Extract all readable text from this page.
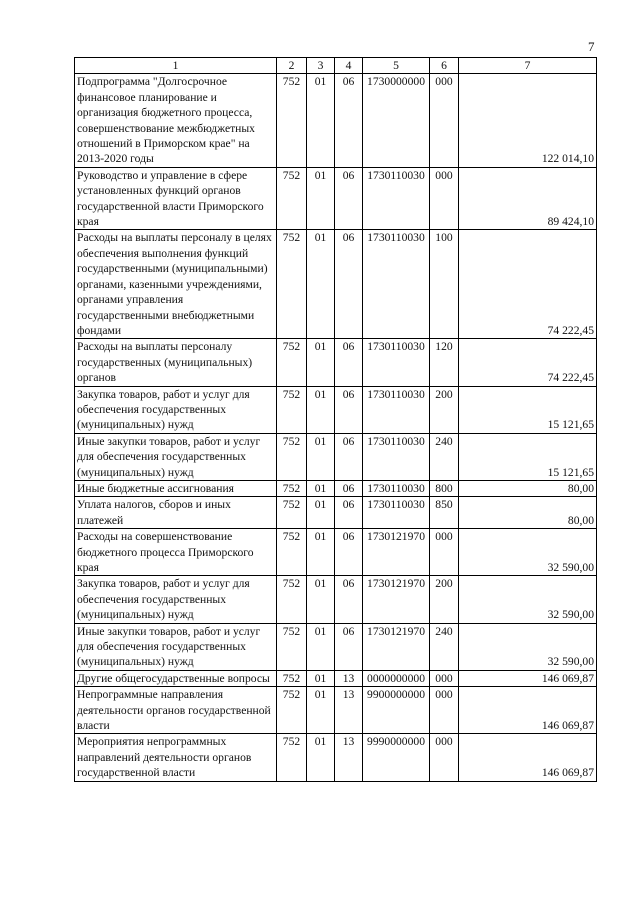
7
1	2	3	4	5	6	7
Подпрограмма "Долгосрочное финансовое планирование и организация бюджетного процесса, совершенствование межбюджетных отношений в Приморском крае" на 2013-2020 годы	752	01	06	1730000000	000	122 014,10
Руководство и управление в сфере установленных функций органов государственной власти Приморского края	752	01	06	1730110030	000	89 424,10
Расходы на выплаты персоналу в целях обеспечения выполнения функций государственными (муниципальными) органами, казенными учреждениями, органами управления государственными внебюджетными фондами	752	01	06	1730110030	100	74 222,45
Расходы на выплаты персоналу государственных (муниципальных) органов	752	01	06	1730110030	120	74 222,45
Закупка товаров, работ и услуг для обеспечения государственных (муниципальных) нужд	752	01	06	1730110030	200	15 121,65
Иные закупки товаров, работ и услуг для обеспечения государственных (муниципальных) нужд	752	01	06	1730110030	240	15 121,65
Иные бюджетные ассигнования	752	01	06	1730110030	800	80,00
Уплата налогов, сборов и иных платежей	752	01	06	1730110030	850	80,00
Расходы на совершенствование бюджетного процесса Приморского края	752	01	06	1730121970	000	32 590,00
Закупка товаров, работ и услуг для обеспечения государственных (муниципальных) нужд	752	01	06	1730121970	200	32 590,00
Иные закупки товаров, работ и услуг для обеспечения государственных (муниципальных) нужд	752	01	06	1730121970	240	32 590,00
Другие общегосударственные вопросы	752	01	13	0000000000	000	146 069,87
Непрограммные направления деятельности органов государственной власти	752	01	13	9900000000	000	146 069,87
Мероприятия непрограммных направлений деятельности органов государственной власти	752	01	13	9990000000	000	146 069,87
